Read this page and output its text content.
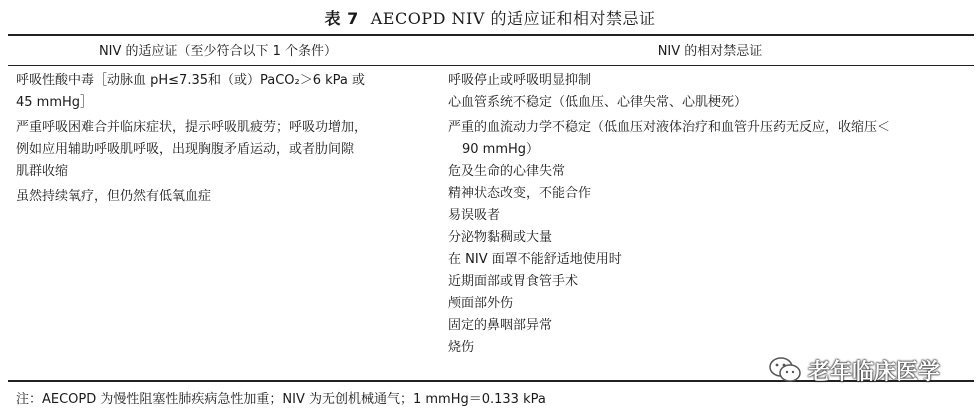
表 7 AECOPD NIV 的适应证和相对禁忌证
NIV 的适应证（至少符合以下 1 个条件）	NIV 的相对禁忌证
呼吸性酸中毒［动脉血 pH≤7.35和（或）PaCO₂＞6 kPa 或
45 mmHg］
严重呼吸困难合并临床症状，提示呼吸肌疲劳；呼吸功增加，
例如应用辅助呼吸肌呼吸，出现胸腹矛盾运动，或者肋间隙
肌群收缩
虽然持续氧疗，但仍然有低氧血症
呼吸停止或呼吸明显抑制
心血管系统不稳定（低血压、心律失常、心肌梗死）
严重的血流动力学不稳定（低血压对液体治疗和血管升压药无反应，收缩压＜
90 mmHg）
危及生命的心律失常
精神状态改变，不能合作
易误吸者
分泌物黏稠或大量
在 NIV 面罩不能舒适地使用时
近期面部或胃食管手术
颅面部外伤
固定的鼻咽部异常
烧伤
注：AECOPD 为慢性阻塞性肺疾病急性加重；NIV 为无创机械通气；1 mmHg＝0.133 kPa
老年临床医学
